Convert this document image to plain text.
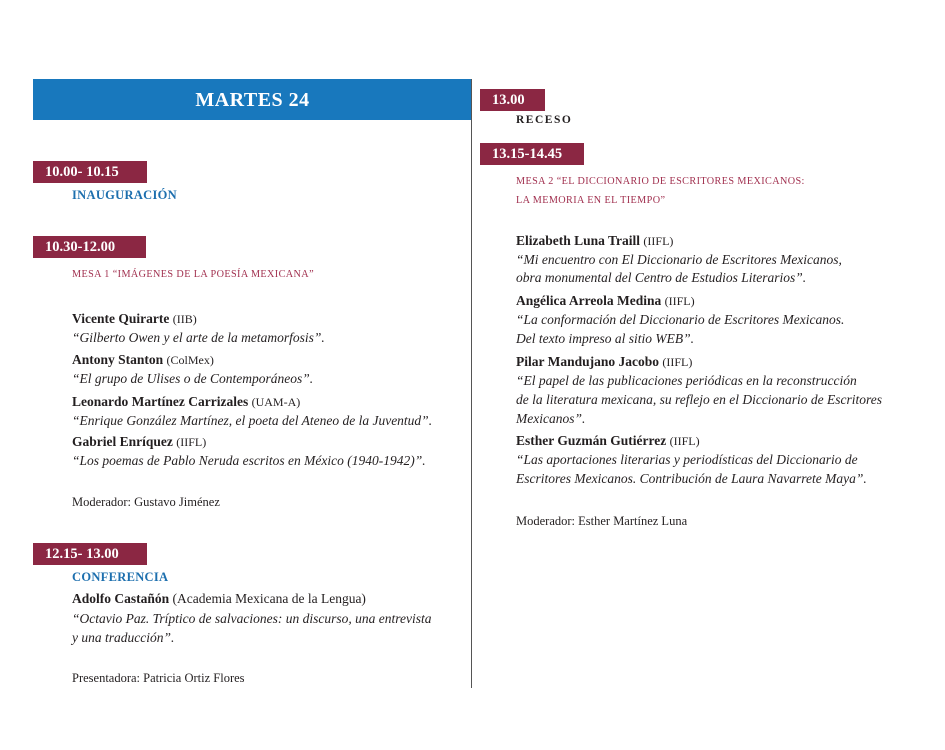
MARTES 24
10.00- 10.15
INAUGURACIÓN
10.30-12.00
MESA 1 “IMÁGENES DE LA POESÍA MEXICANA”
Vicente Quirarte (IIB)
“Gilberto Owen y el arte de la metamorfosis”.
Antony Stanton (ColMex)
“El grupo de Ulises o de Contemporáneos”.
Leonardo Martínez Carrizales (UAM-A)
“Enrique González Martínez, el poeta del Ateneo de la Juventud”.
Gabriel Enríquez (IIFL)
“Los poemas de Pablo Neruda escritos en México (1940-1942)”.
Moderador: Gustavo Jiménez
12.15- 13.00
CONFERENCIA
Adolfo Castañón (Academia Mexicana de la Lengua)
“Octavio Paz. Tríptico de salvaciones: un discurso, una entrevista
y una traducción”.
Presentadora: Patricia Ortiz Flores
13.00
RECESO
13.15-14.45
MESA 2 “EL DICCIONARIO DE ESCRITORES MEXICANOS:
LA MEMORIA EN EL TIEMPO”
Elizabeth Luna Traill (IIFL)
“Mi encuentro con El Diccionario de Escritores Mexicanos,
obra monumental del Centro de Estudios Literarios”.
Angélica Arreola Medina (IIFL)
“La conformación del Diccionario de Escritores Mexicanos.
Del texto impreso al sitio WEB”.
Pilar Mandujano Jacobo (IIFL)
“El papel de las publicaciones periódicas en la reconstrucción
de la literatura mexicana, su reflejo en el Diccionario de Escritores
Mexicanos”.
Esther Guzmán Gutiérrez (IIFL)
“Las aportaciones literarias y periodísticas del Diccionario de
Escritores Mexicanos. Contribución de Laura Navarrete Maya”.
Moderador: Esther Martínez Luna
